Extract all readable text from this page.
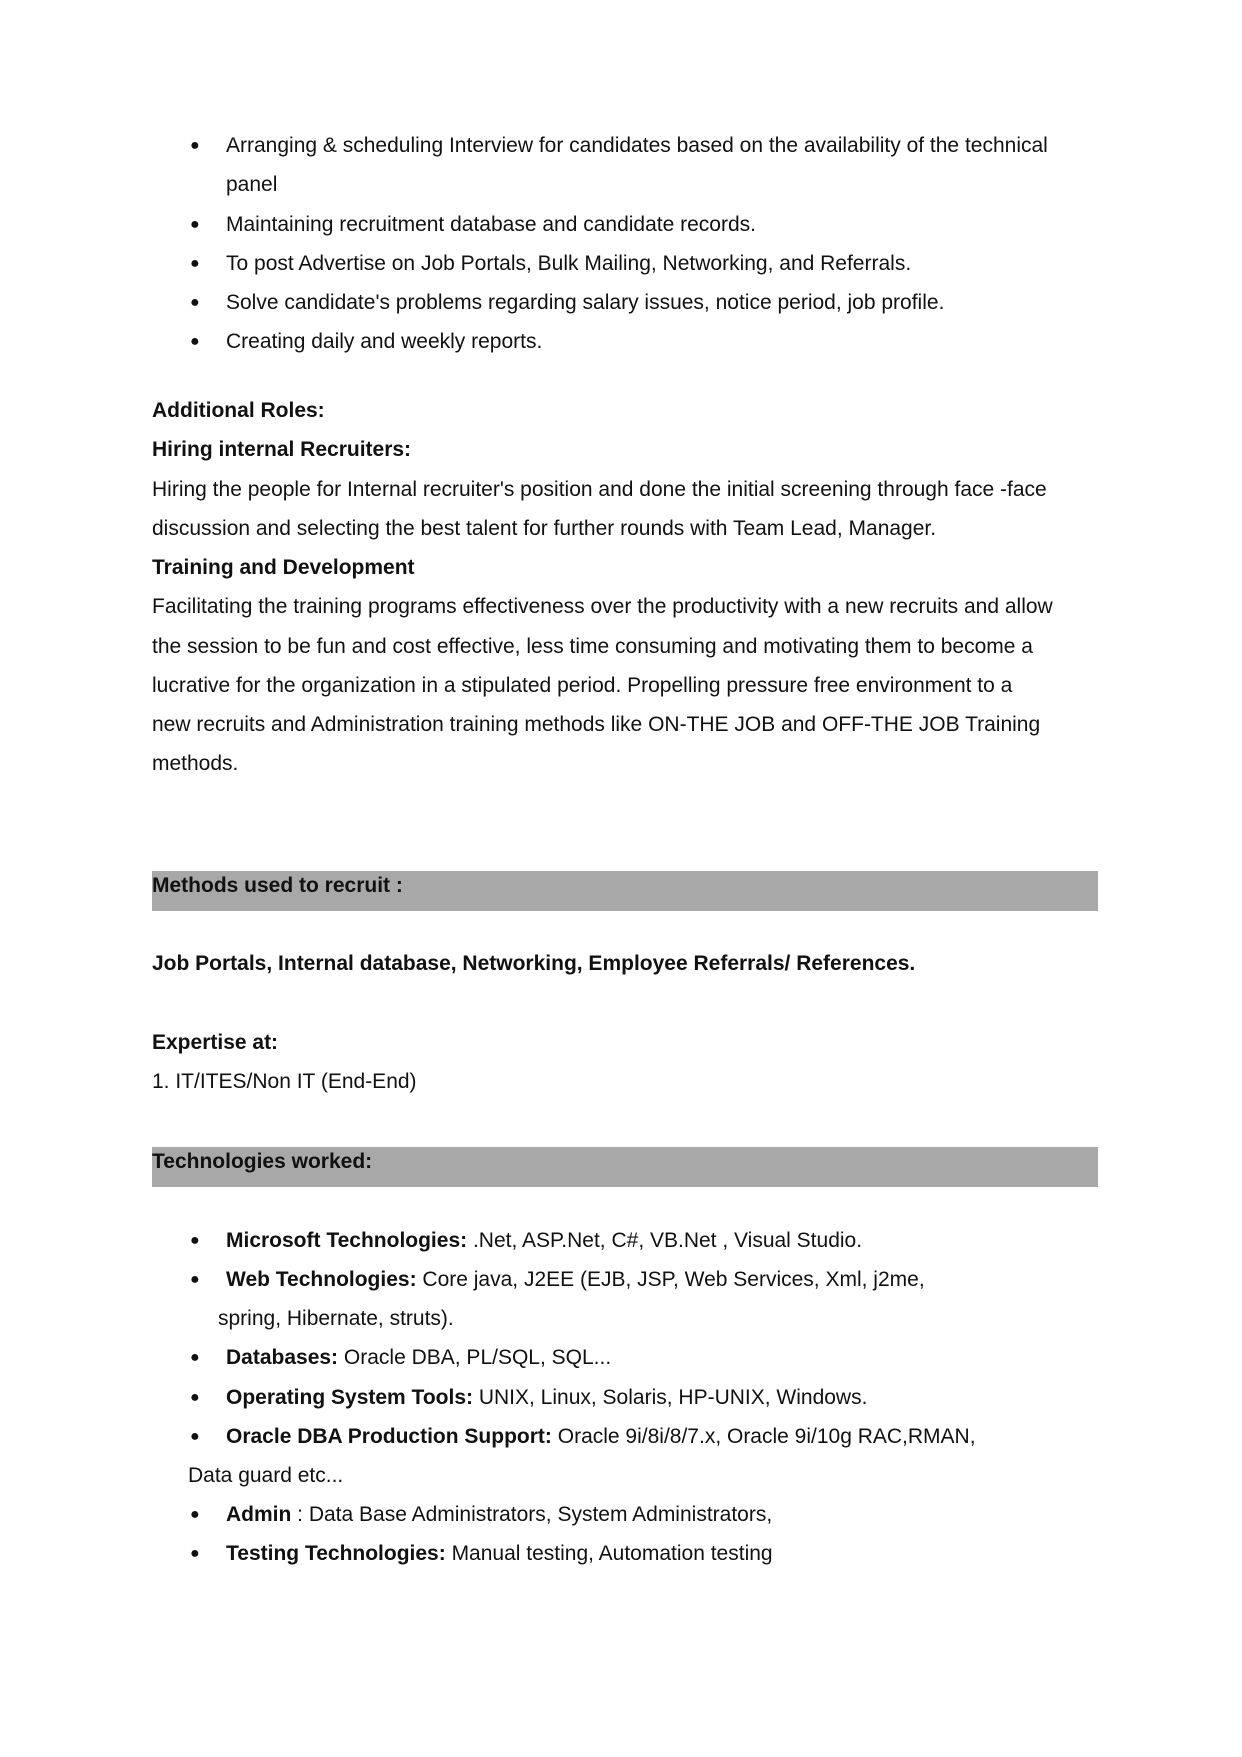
● Arranging & scheduling Interview for candidates based on the availability of the technical
panel
● Maintaining recruitment database and candidate records.
● To post Advertise on Job Portals, Bulk Mailing, Networking, and Referrals.
● Solve candidate's problems regarding salary issues, notice period, job profile.
● Creating daily and weekly reports.
Additional Roles:
Hiring internal Recruiters:
Hiring the people for Internal recruiter's position and done the initial screening through face -face
discussion and selecting the best talent for further rounds with Team Lead, Manager.
Training and Development
Facilitating the training programs effectiveness over the productivity with a new recruits and allow
the session to be fun and cost effective, less time consuming and motivating them to become a
lucrative for the organization in a stipulated period. Propelling pressure free environment to a
new recruits and Administration training methods like ON-THE JOB and OFF-THE JOB Training
methods.
Methods used to recruit :
Job Portals, Internal database, Networking, Employee Referrals/ References.
Expertise at:
1. IT/ITES/Non IT (End-End)
Technologies worked:
● Microsoft Technologies: .Net, ASP.Net, C#, VB.Net , Visual Studio.
● Web Technologies: Core java, J2EE (EJB, JSP, Web Services, Xml, j2me,
spring, Hibernate, struts).
● Databases: Oracle DBA, PL/SQL, SQL...
● Operating System Tools: UNIX, Linux, Solaris, HP-UNIX, Windows.
● Oracle DBA Production Support: Oracle 9i/8i/8/7.x, Oracle 9i/10g RAC,RMAN,
Data guard etc...
● Admin : Data Base Administrators, System Administrators,
● Testing Technologies: Manual testing, Automation testing
